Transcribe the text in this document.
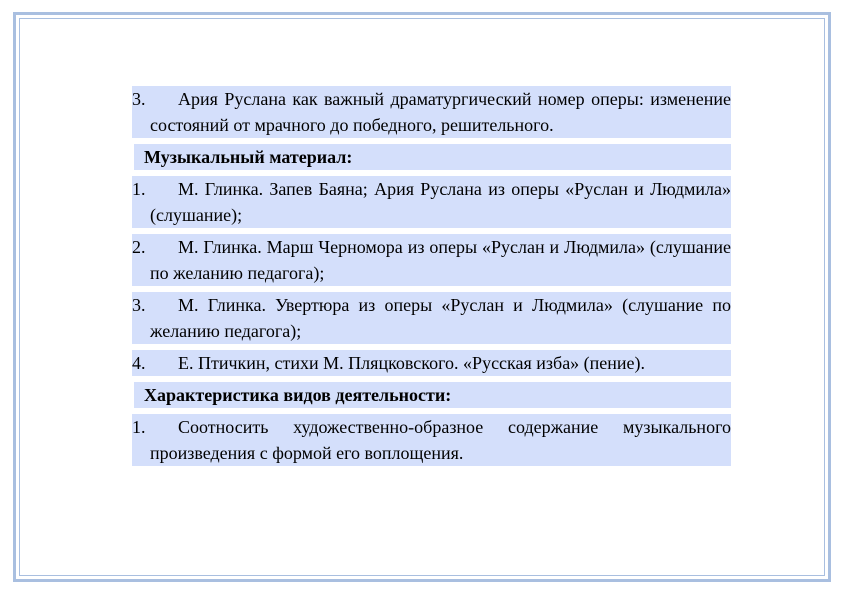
3. Ария Руслана как важный драматургический номер оперы: изменение состояний от мрачного до победного, решительного.
Музыкальный материал:
1. М. Глинка. Запев Баяна; Ария Руслана из оперы «Руслан и Людмила» (слушание);
2. М. Глинка. Марш Черномора из оперы «Руслан и Людмила» (слушание по желанию педагога);
3. М. Глинка. Увертюра из оперы «Руслан и Людмила» (слушание по желанию педагога);
4. Е. Птичкин, стихи М. Пляцковского. «Русская изба» (пение).
Характеристика видов деятельности:
1. Соотносить художественно-образное содержание музыкального произведения с формой его воплощения.
